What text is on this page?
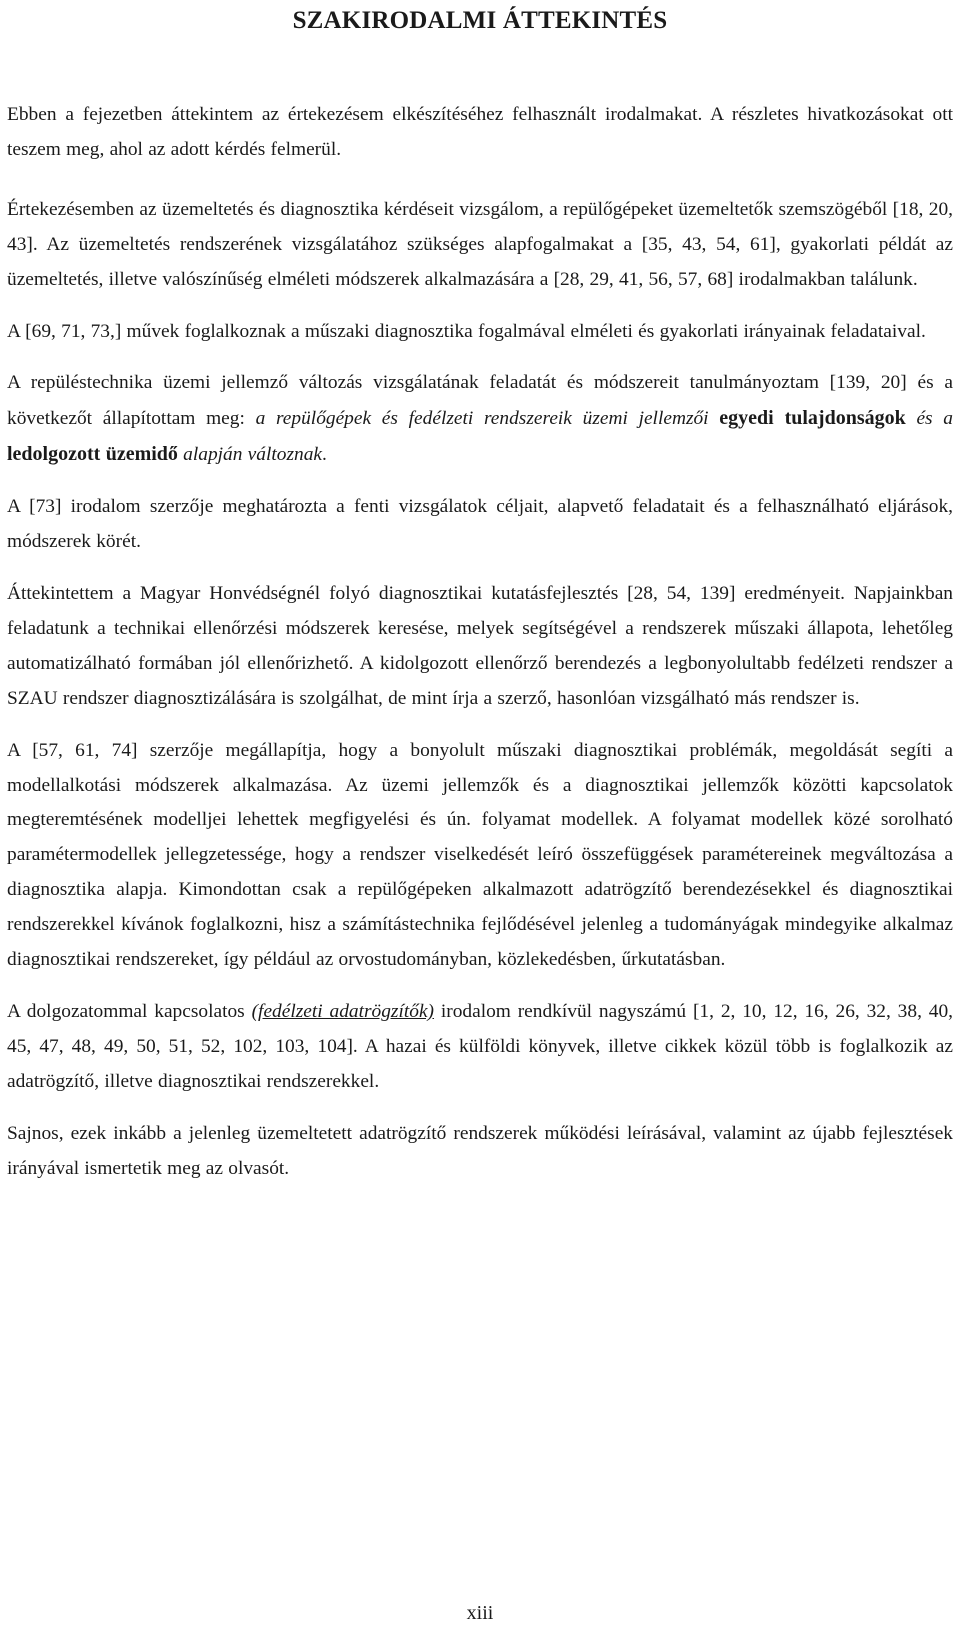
SZAKIRODALMI ÁTTEKINTÉS

Ebben a fejezetben áttekintem az értekezésem elkészítéséhez felhasznált irodalmakat. A részletes hivatkozásokat ott teszem meg, ahol az adott kérdés felmerül.

Értekezésemben az üzemeltetés és diagnosztika kérdéseit vizsgálom, a repülőgépeket üzemeltetők szemszögéből [18, 20, 43]. Az üzemeltetés rendszerének vizsgálatához szükséges alapfogalmakat a [35, 43, 54, 61], gyakorlati példát az üzemeltetés, illetve valószínűség elméleti módszerek alkalmazására a [28, 29, 41, 56, 57, 68] irodalmakban találunk.

A [69, 71, 73,] művek foglalkoznak a műszaki diagnosztika fogalmával elméleti és gyakorlati irányainak feladataival.

A repüléstechnika üzemi jellemző változás vizsgálatának feladatát és módszereit tanulmányoztam [139, 20] és a következőt állapítottam meg: a repülőgépek és fedélzeti rendszereik üzemi jellemzői egyedi tulajdonságok és a ledolgozott üzemidő alapján változnak.

A [73] irodalom szerzője meghatározta a fenti vizsgálatok céljait, alapvető feladatait és a felhasználható eljárások, módszerek körét.

Áttekintettem a Magyar Honvédségnél folyó diagnosztikai kutatásfejlesztés [28, 54, 139] eredményeit. Napjainkban feladatunk a technikai ellenőrzési módszerek keresése, melyek segítségével a rendszerek műszaki állapota, lehetőleg automatizálható formában jól ellenőrizhető. A kidolgozott ellenőrző berendezés a legbonyolultabb fedélzeti rendszer a SZAU rendszer diagnosztizálására is szolgálhat, de mint írja a szerző, hasonlóan vizsgálható más rendszer is.

A [57, 61, 74] szerzője megállapítja, hogy a bonyolult műszaki diagnosztikai problémák, megoldását segíti a modellalkotási módszerek alkalmazása. Az üzemi jellemzők és a diagnosztikai jellemzők közötti kapcsolatok megteremtésének modelljei lehettek megfigyelési és ún. folyamat modellek. A folyamat modellek közé sorolható paramétermodellek jellegzetessége, hogy a rendszer viselkedését leíró összefüggések paramétereinek megváltozása a diagnosztika alapja. Kimondottan csak a repülőgépeken alkalmazott adatrögzítő berendezésekkel és diagnosztikai rendszerekkel kívánok foglalkozni, hisz a számítástechnika fejlődésével jelenleg a tudományágak mindegyike alkalmaz diagnosztikai rendszereket, így például az orvostudományban, közlekedésben, űrkutatásban.

A dolgozatommal kapcsolatos (fedélzeti adatrögzítők) irodalom rendkívül nagyszámú [1, 2, 10, 12, 16, 26, 32, 38, 40, 45, 47, 48, 49, 50, 51, 52, 102, 103, 104]. A hazai és külföldi könyvek, illetve cikkek közül több is foglalkozik az adatrögzítő, illetve diagnosztikai rendszerekkel.

Sajnos, ezek inkább a jelenleg üzemeltetett adatrögzítő rendszerek működési leírásával, valamint az újabb fejlesztések irányával ismertetik meg az olvasót.

xiii
